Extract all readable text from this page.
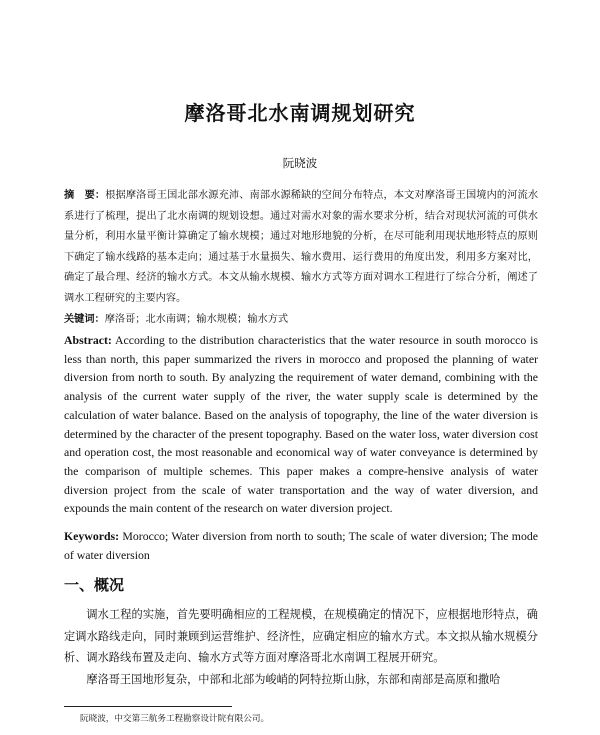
摩洛哥北水南调规划研究
阮晓波
摘　要：根据摩洛哥王国北部水源充沛、南部水源稀缺的空间分布特点，本文对摩洛哥王国境内的河流水系进行了梳理，提出了北水南调的规划设想。通过对需水对象的需水要求分析，结合对现状河流的可供水量分析，利用水量平衡计算确定了输水规模；通过对地形地貌的分析，在尽可能利用现状地形特点的原则下确定了输水线路的基本走向；通过基于水量损失、输水费用、运行费用的角度出发，利用多方案对比，确定了最合理、经济的输水方式。本文从输水规模、输水方式等方面对调水工程进行了综合分析，阐述了调水工程研究的主要内容。
关键词：摩洛哥；北水南调；输水规模；输水方式
Abstract: According to the distribution characteristics that the water resource in south morocco is less than north, this paper summarized the rivers in morocco and proposed the planning of water diversion from north to south. By analyzing the requirement of water demand, combining with the analysis of the current water supply of the river, the water supply scale is determined by the calculation of water balance. Based on the analysis of topography, the line of the water diversion is determined by the character of the present topography. Based on the water loss, water diversion cost and operation cost, the most reasonable and economical way of water conveyance is determined by the comparison of multiple schemes. This paper makes a compre-hensive analysis of water diversion project from the scale of water transportation and the way of water diversion, and expounds the main content of the research on water diversion project.
Keywords: Morocco; Water diversion from north to south; The scale of water diversion; The mode of water diversion
一、概况

调水工程的实施，首先要明确相应的工程规模，在规模确定的情况下，应根据地形特点，确定调水路线走向，同时兼顾到运营维护、经济性，应确定相应的输水方式。本文拟从输水规模分析、调水路线布置及走向、输水方式等方面对摩洛哥北水南调工程展开研究。

摩洛哥王国地形复杂，中部和北部为峻峭的阿特拉斯山脉，东部和南部是高原和撒哈

阮晓波，中交第三航务工程勘察设计院有限公司。
